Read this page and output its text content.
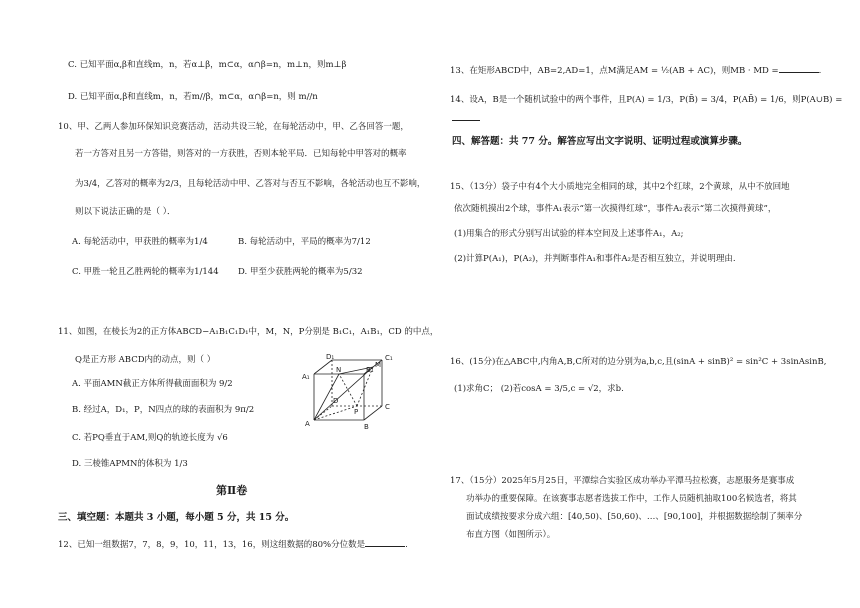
C. 已知平面α,β和直线m，n，若α⊥β，m⊂α，α∩β=n，m⊥n，则m⊥β
D. 已知平面α,β和直线m，n，若m//β，m⊂α，α∩β=n，则 m//n
10、甲、乙两人参加环保知识竞赛活动，活动共设三轮，在每轮活动中，甲、乙各回答一题，
若一方答对且另一方答错，则答对的一方获胜，否则本轮平局．已知每轮中甲答对的概率
为3/4，乙答对的概率为2/3，且每轮活动中甲、乙答对与否互不影响，各轮活动也互不影响，
则以下说法正确的是（ ）．
A. 每轮活动中，甲获胜的概率为1/4	B. 每轮活动中，平局的概率为7/12
C. 甲胜一轮且乙胜两轮的概率为1/144 D. 甲至少获胜两轮的概率为5/32
11、如图，在棱长为2的正方体ABCD−A₁B₁C₁D₁中，M，N，P分别是 B₁C₁，A₁B₁，CD 的中点，
Q是正方形 ABCD内的动点，则（ ）
A. 平面AMN截正方体所得截面面积为 9/2
B. 经过A，D₁，P，N四点的球的表面积为 9π/2
C. 若PQ垂直于AM,则Q的轨迹长度为 √6
D. 三棱锥APMN的体积为 1/3
A₁
D₁	C₁
B₁
N
M
A
D
B
C
P
第Ⅱ卷
三、填空题：本题共 3 小题，每小题 5 分，共 15 分。
12、已知一组数据7，7，8，9，10，11，13，16，则这组数据的80%分位数是	.
13、在矩形ABCD中，AB=2,AD=1，点M满足AM = ½(AB + AC)，则MB · MD =	.
14、设A，B是一个随机试验中的两个事件，且P(A) = 1/3，P(B̄) = 3/4，P(AB̄) = 1/6，则P(A∪B) =
四、解答题：共 77 分。解答应写出文字说明、证明过程或演算步骤。
15、（13分）袋子中有4个大小质地完全相同的球，其中2个红球，2个黄球，从中不放回地
依次随机摸出2个球，事件A₁表示“第一次摸得红球”，事件A₂表示“第二次摸得黄球”，
(1)用集合的形式分别写出试验的样本空间及上述事件A₁，A₂;
(2)计算P(A₁)，P(A₂)，并判断事件A₁和事件A₂是否相互独立，并说明理由.
16、(15分)在△ABC中,内角A,B,C所对的边分别为a,b,c,且(sinA + sinB)² = sin²C + 3sinAsinB,
(1)求角C； (2)若cosA = 3/5,c = √2，求b.
17、（15分）2025年5月25日，平潭综合实验区成功举办平潭马拉松赛，志愿服务是赛事成
功举办的重要保障。在该赛事志愿者选拔工作中，工作人员随机抽取100名候选者，将其
面试成绩按要求分成六组：[40,50)、[50,60)、…、[90,100]，并根据数据绘制了频率分
布直方图（如图所示）。
